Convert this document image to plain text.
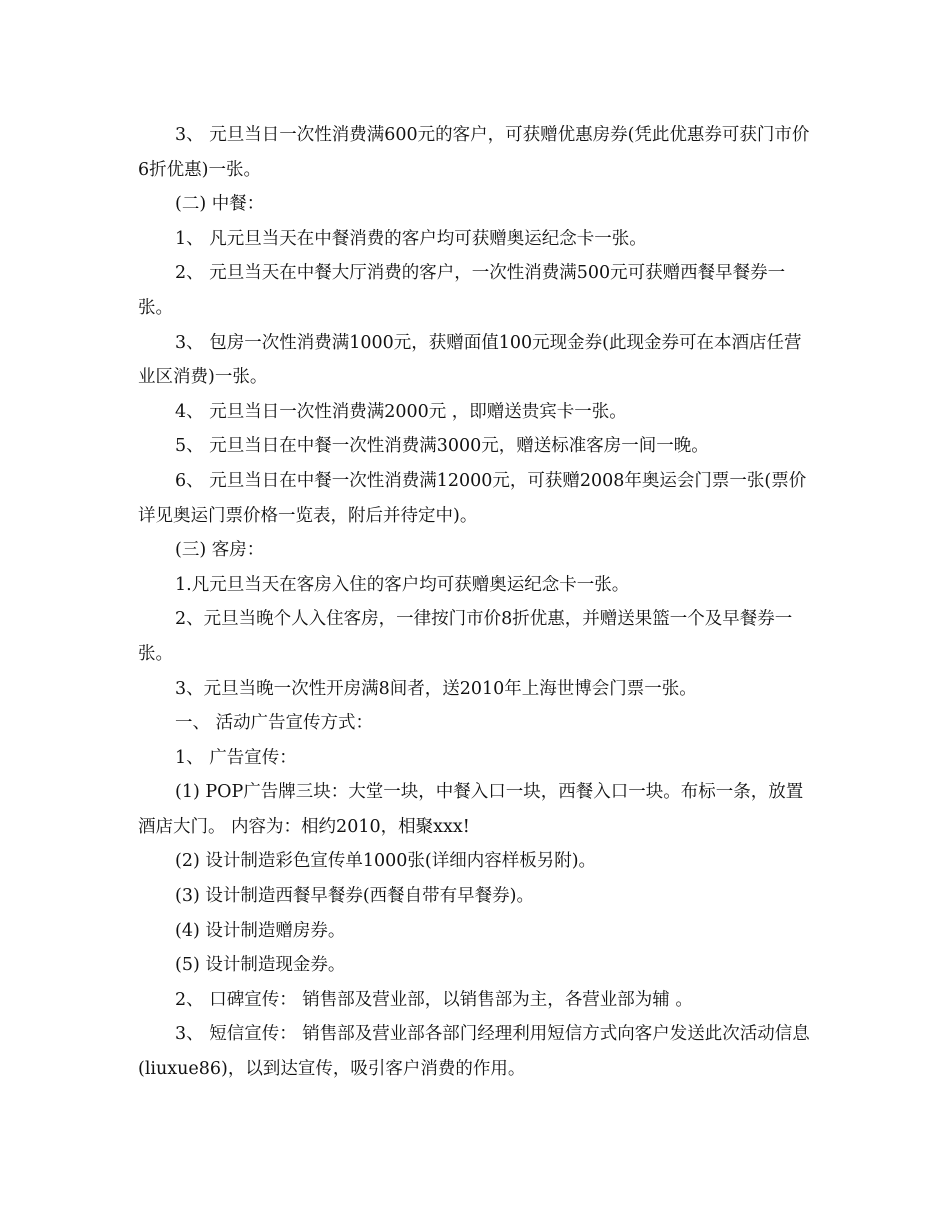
3、 元旦当日一次性消费满600元的客户，可获赠优惠房券(凭此优惠券可获门市价6折优惠)一张。

(二) 中餐：

1、 凡元旦当天在中餐消费的客户均可获赠奥运纪念卡一张。

2、 元旦当天在中餐大厅消费的客户，一次性消费满500元可获赠西餐早餐券一张。

3、 包房一次性消费满1000元，获赠面值100元现金券(此现金券可在本酒店任营业区消费)一张。

4、 元旦当日一次性消费满2000元 ，即赠送贵宾卡一张。

5、 元旦当日在中餐一次性消费满3000元，赠送标准客房一间一晚。

6、 元旦当日在中餐一次性消费满12000元，可获赠2008年奥运会门票一张(票价详见奥运门票价格一览表，附后并待定中)。

(三) 客房：

1.凡元旦当天在客房入住的客户均可获赠奥运纪念卡一张。

2、元旦当晚个人入住客房，一律按门市价8折优惠，并赠送果篮一个及早餐券一张。

3、元旦当晚一次性开房满8间者，送2010年上海世博会门票一张。

一、 活动广告宣传方式：

1、 广告宣传：

(1) POP广告牌三块：大堂一块，中餐入口一块，西餐入口一块。布标一条，放置酒店大门。 内容为：相约2010，相聚xxx!

(2) 设计制造彩色宣传单1000张(详细内容样板另附)。

(3) 设计制造西餐早餐券(西餐自带有早餐券)。

(4) 设计制造赠房券。

(5) 设计制造现金券。

2、 口碑宣传： 销售部及营业部，以销售部为主，各营业部为辅 。

3、 短信宣传： 销售部及营业部各部门经理利用短信方式向客户发送此次活动信息(liuxue86)，以到达宣传，吸引客户消费的作用。
